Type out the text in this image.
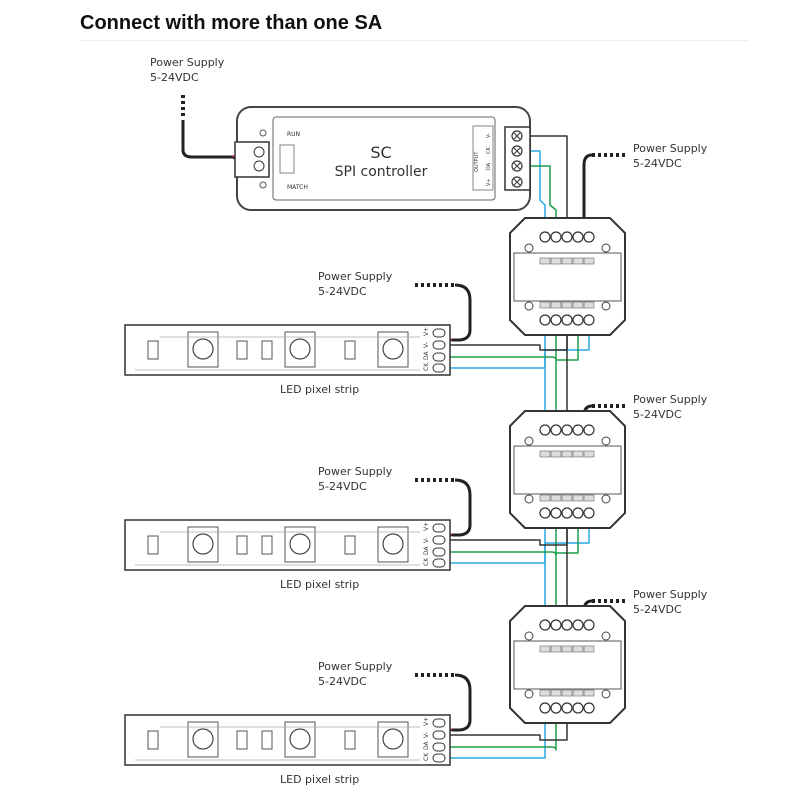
Connect with more than one SA
RUN
MATCH
SC
SPI controller	OUTPUT
V+
DA
CK
V-
V+
V-
DA
CK
LED pixel strip
V+
V-
DA
CK
LED pixel strip
V+
V-
DA
CK
LED pixel strip
Power Supply
5-24VDC
Power Supply
5-24VDC
Power Supply
5-24VDC
Power Supply
5-24VDC
Power Supply
5-24VDC
Power Supply
5-24VDC
Power Supply
5-24VDC
